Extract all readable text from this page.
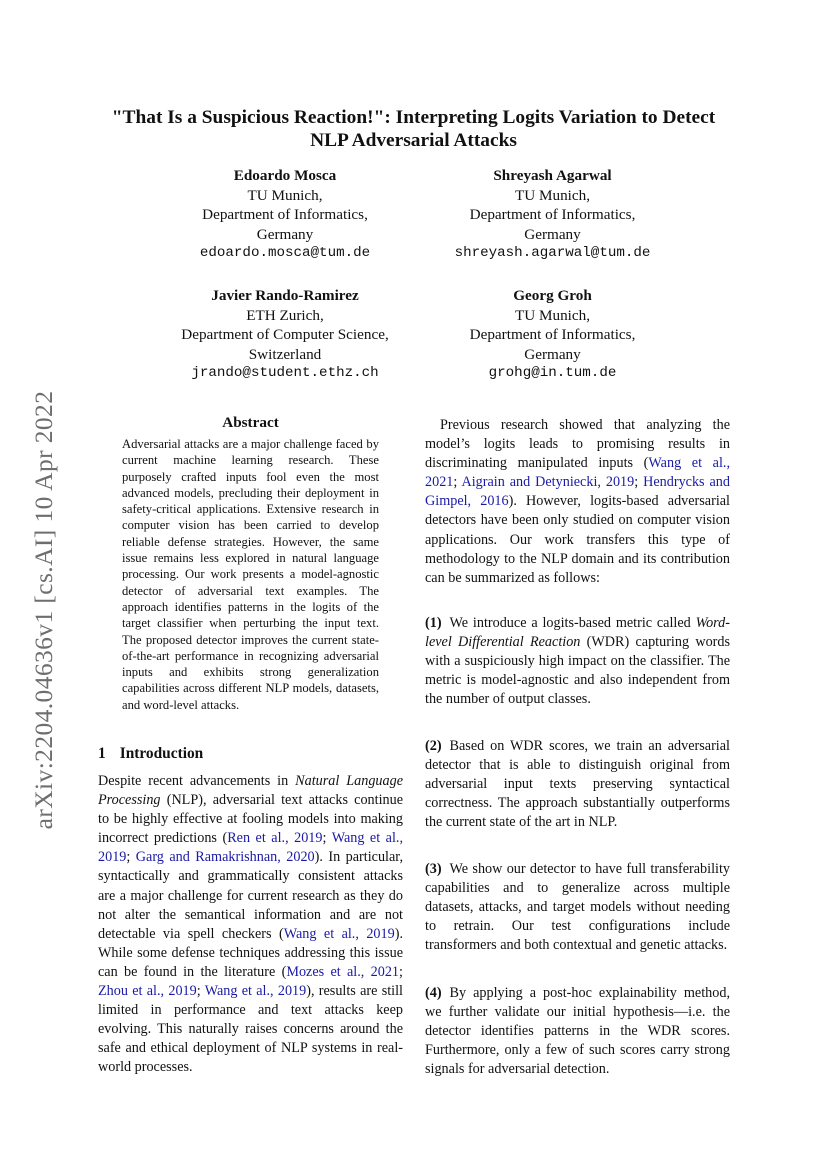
arXiv:2204.04636v1 [cs.AI] 10 Apr 2022
"That Is a Suspicious Reaction!": Interpreting Logits Variation to Detect
NLP Adversarial Attacks
Edoardo Mosca
TU Munich,
Department of Informatics,
Germany
edoardo.mosca@tum.de
Shreyash Agarwal
TU Munich,
Department of Informatics,
Germany
shreyash.agarwal@tum.de
Javier Rando-Ramirez
ETH Zurich,
Department of Computer Science,
Switzerland
jrando@student.ethz.ch
Georg Groh
TU Munich,
Department of Informatics,
Germany
grohg@in.tum.de
Abstract
Adversarial attacks are a major challenge faced by current machine learning research. These purposely crafted inputs fool even the most advanced models, precluding their deployment in safety-critical applications. Extensive research in computer vision has been carried to develop reliable defense strategies. However, the same issue remains less explored in natural language processing. Our work presents a model-agnostic detector of adversarial text examples. The approach identifies patterns in the logits of the target classifier when perturbing the input text. The proposed detector improves the current state-of-the-art performance in recognizing adversarial inputs and exhibits strong generalization capabilities across different NLP models, datasets, and word-level attacks.
1 Introduction
Despite recent advancements in Natural Language Processing (NLP), adversarial text attacks continue to be highly effective at fooling models into making incorrect predictions (Ren et al., 2019; Wang et al., 2019; Garg and Ramakrishnan, 2020). In particular, syntactically and grammatically consistent attacks are a major challenge for current research as they do not alter the semantical information and are not detectable via spell checkers (Wang et al., 2019). While some defense techniques addressing this issue can be found in the literature (Mozes et al., 2021; Zhou et al., 2019; Wang et al., 2019), results are still limited in performance and text attacks keep evolving. This naturally raises concerns around the safe and ethical deployment of NLP systems in real-world processes.
Previous research showed that analyzing the model’s logits leads to promising results in discriminating manipulated inputs (Wang et al., 2021; Aigrain and Detyniecki, 2019; Hendrycks and Gimpel, 2016). However, logits-based adversarial detectors have been only studied on computer vision applications. Our work transfers this type of methodology to the NLP domain and its contribution can be summarized as follows:
(1) We introduce a logits-based metric called Word-level Differential Reaction (WDR) capturing words with a suspiciously high impact on the classifier. The metric is model-agnostic and also independent from the number of output classes.
(2) Based on WDR scores, we train an adversarial detector that is able to distinguish original from adversarial input texts preserving syntactical correctness. The approach substantially outperforms the current state of the art in NLP.
(3) We show our detector to have full transferability capabilities and to generalize across multiple datasets, attacks, and target models without needing to retrain. Our test configurations include transformers and both contextual and genetic attacks.
(4) By applying a post-hoc explainability method, we further validate our initial hypothesis—i.e. the detector identifies patterns in the WDR scores. Furthermore, only a few of such scores carry strong signals for adversarial detection.
